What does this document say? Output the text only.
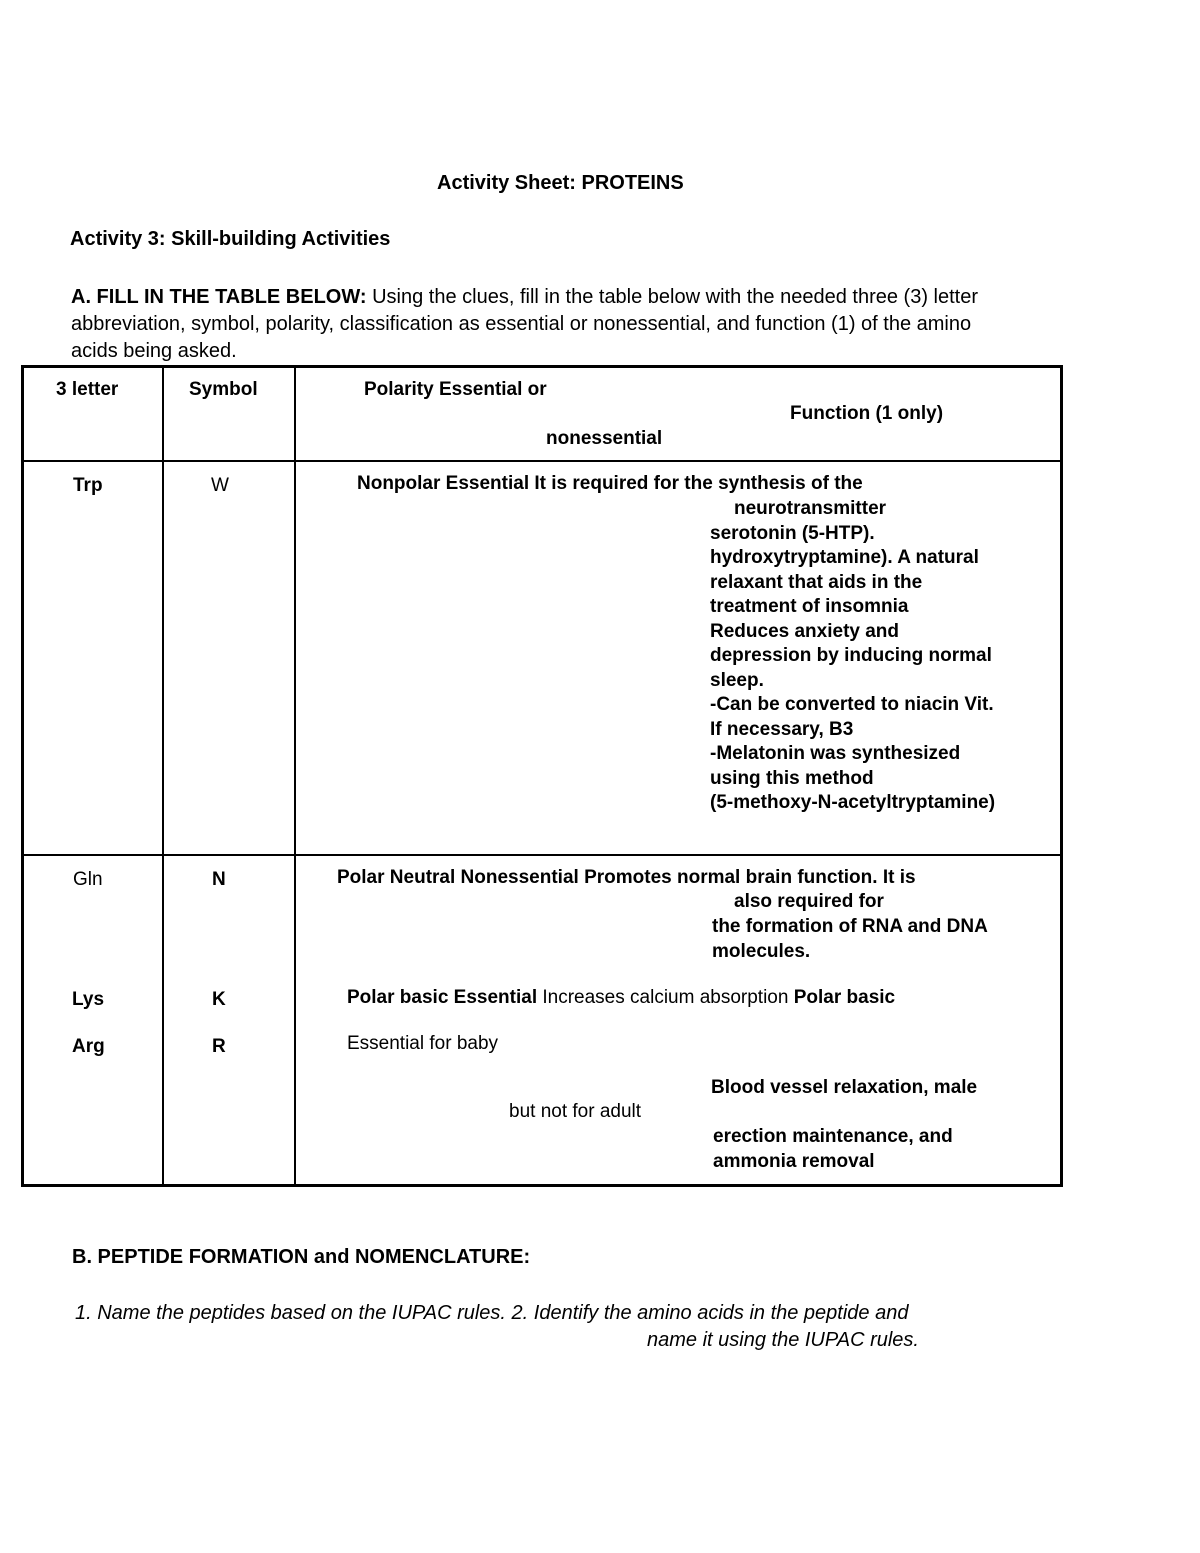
Activity Sheet: PROTEINS
Activity 3: Skill-building Activities
A. FILL IN THE TABLE BELOW: Using the clues, fill in the table below with the needed three (3) letter
abbreviation, symbol, polarity, classification as essential or nonessential, and function (1) of the amino
acids being asked.
3 letter	Symbol	Polarity Essential or
Function (1 only)
nonessential
Trp	W	Nonpolar Essential It is required for the synthesis of the
neurotransmitter
serotonin (5-HTP).
hydroxytryptamine). A natural
relaxant that aids in the
treatment of insomnia
Reduces anxiety and
depression by inducing normal
sleep.
-Can be converted to niacin Vit.
If necessary, B3
-Melatonin was synthesized
using this method
(5-methoxy-N-acetyltryptamine)
Gln	N	Polar Neutral Nonessential Promotes normal brain function. It is
also required for
the formation of RNA and DNA
molecules.
Lys	K	Polar basic Essential Increases calcium absorption Polar basic
Arg	R	Essential for baby
Blood vessel relaxation, male
but not for adult
erection maintenance, and
ammonia removal
B. PEPTIDE FORMATION and NOMENCLATURE:
1. Name the peptides based on the IUPAC rules. 2. Identify the amino acids in the peptide and
name it using the IUPAC rules.
